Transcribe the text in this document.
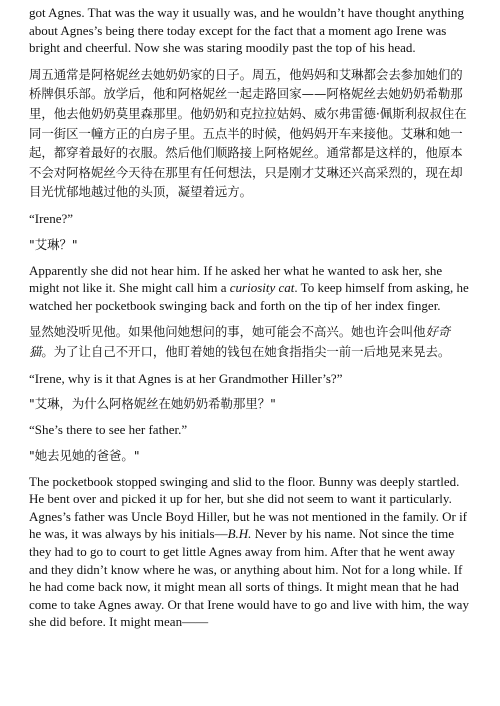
got Agnes. That was the way it usually was, and he wouldn’t have thought anything about Agnes’s being there today except for the fact that a moment ago Irene was bright and cheerful. Now she was staring moodily past the top of his head.

周五通常是阿格妮丝去她奶奶家的日子。周五，他妈妈和艾琳都会去参加她们的桥牌俱乐部。放学后，他和阿格妮丝一起走路回家——阿格妮丝去她奶奶希勒那里，他去他奶奶莫里森那里。他奶奶和克拉拉姑妈、威尔弗雷德·佩斯利叔叔住在同一街区一幢方正的白房子里。五点半的时候，他妈妈开车来接他。艾琳和她一起，都穿着最好的衣服。然后他们顺路接上阿格妮丝。通常都是这样的，他原本不会对阿格妮丝今天待在那里有任何想法，只是刚才艾琳还兴高采烈的，现在却目光忧郁地越过他的头顶，凝望着远方。

“Irene?”

"艾琳？"

Apparently she did not hear him. If he asked her what he wanted to ask her, she might not like it. She might call him a curiosity cat. To keep himself from asking, he watched her pocketbook swinging back and forth on the tip of her index finger.

显然她没听见他。如果他问她想问的事，她可能会不高兴。她也许会叫他好奇猫。为了让自己不开口，他盯着她的钱包在她食指指尖一前一后地晃来晃去。

“Irene, why is it that Agnes is at her Grandmother Hiller’s?”

"艾琳，为什么阿格妮丝在她奶奶希勒那里？"

“She’s there to see her father.”

"她去见她的爸爸。"

The pocketbook stopped swinging and slid to the floor. Bunny was deeply startled. He bent over and picked it up for her, but she did not seem to want it particularly. Agnes’s father was Uncle Boyd Hiller, but he was not mentioned in the family. Or if he was, it was always by his initials—B.H. Never by his name. Not since the time they had to go to court to get little Agnes away from him. After that he went away and they didn’t know where he was, or anything about him. Not for a long while. If he had come back now, it might mean all sorts of things. It might mean that he had come to take Agnes away. Or that Irene would have to go and live with him, the way she did before. It might mean——
